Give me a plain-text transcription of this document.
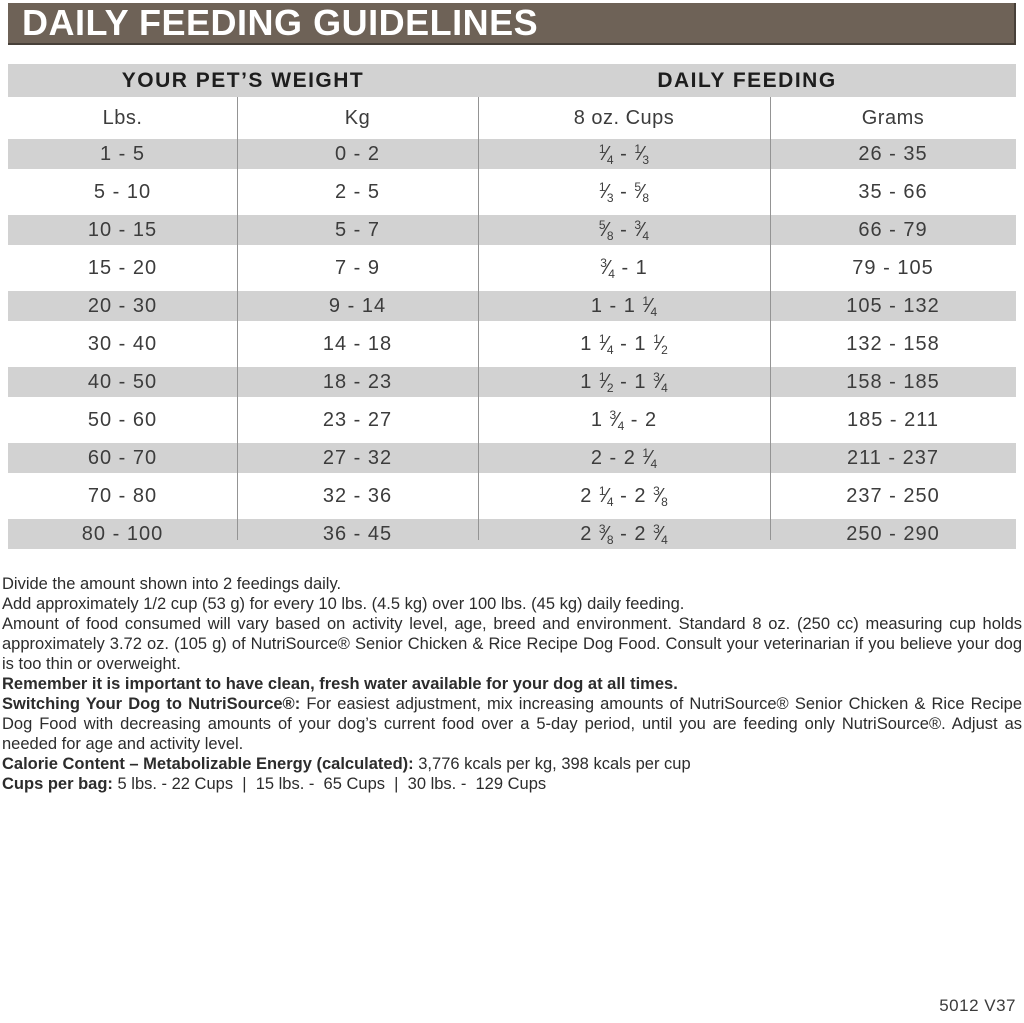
DAILY FEEDING GUIDELINES
YOUR PET’S WEIGHT	DAILY FEEDING
Lbs.	Kg	8 oz. Cups	Grams
1 - 5	0 - 2	$^1⁄_4$ - $^1⁄_3$	26 - 35
5 - 10	2 - 5	$^1⁄_3$ - $^5⁄_8$	35 - 66
10 - 15	5 - 7	$^5⁄_8$ - $^3⁄_4$	66 - 79
15 - 20	7 - 9	$^3⁄_4 - 1$	79 - 105
20 - 30	9 - 14	1 - 1 $^1⁄_4$	105 - 132
30 - 40	14 - 18	1 $^1⁄_4 - 1$ $^1⁄_2$	132 - 158
40 - 50	18 - 23	1 $^1⁄_2 - 1$ $^3⁄_4$	158 - 185
50 - 60	23 - 27	1 $^3⁄_4 - 2$	185 - 211
60 - 70	27 - 32	2 - 2 $^1⁄_4$	211 - 237
70 - 80	32 - 36	2 $^1⁄_4 - 2$ $^3⁄_8$	237 - 250
80 - 100	36 - 45	2 $^3⁄_8 - 2$ $^3⁄_4$	250 - 290

Divide the amount shown into 2 feedings daily.

Add approximately 1/2 cup (53 g) for every 10 lbs. (4.5 kg) over 100 lbs. (45 kg) daily feeding.

Amount of food consumed will vary based on activity level, age, breed and environment. Standard 8 oz. (250 cc) measuring cup holds approximately 3.72 oz. (105 g) of NutriSource® Senior Chicken & Rice Recipe Dog Food. Consult your veterinarian if you believe your dog is too thin or overweight.

Remember it is important to have clean, fresh water available for your dog at all times.

Switching Your Dog to NutriSource®: For easiest adjustment, mix increasing amounts of NutriSource® Senior Chicken & Rice Recipe Dog Food with decreasing amounts of your dog’s current food over a 5-day period, until you are feeding only NutriSource®. Adjust as needed for age and activity level.

Calorie Content – Metabolizable Energy (calculated): 3,776 kcals per kg, 398 kcals per cup

Cups per bag: 5 lbs. - 22 Cups  |  15 lbs. -  65 Cups  |  30 lbs. -  129 Cups

5012 V37
